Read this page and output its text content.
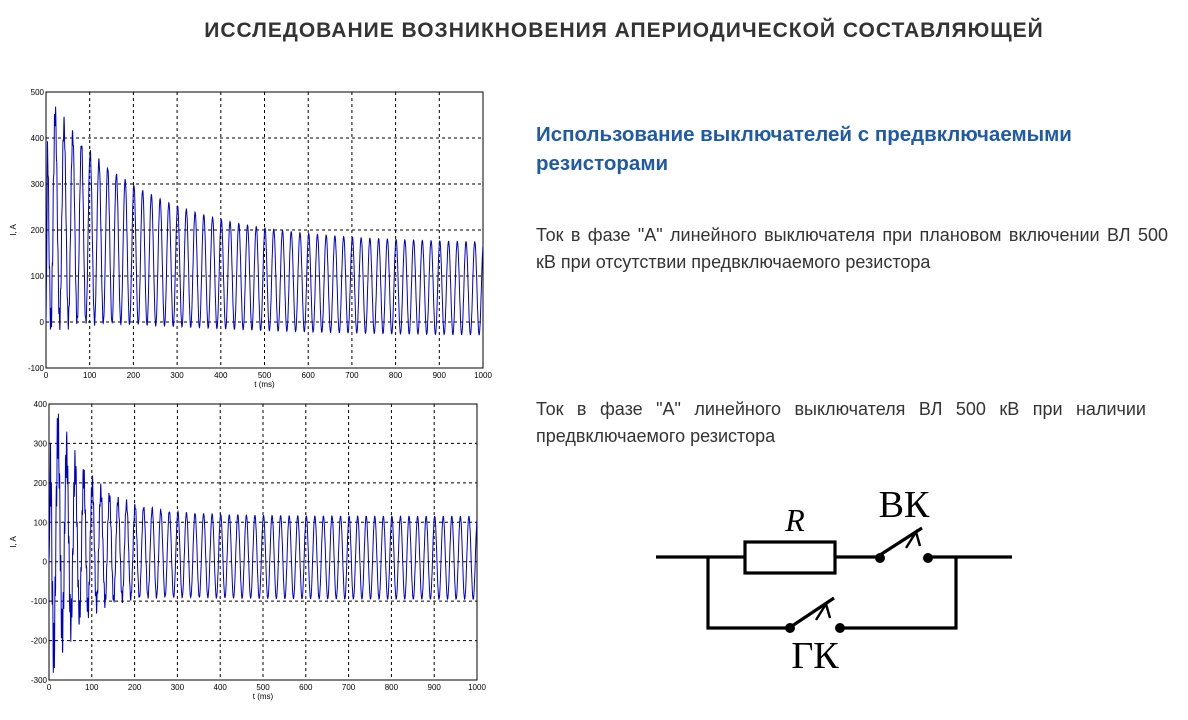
ИССЛЕДОВАНИЕ ВОЗНИКНОВЕНИЯ АПЕРИОДИЧЕСКОЙ СОСТАВЛЯЮЩЕЙ
0	100	200	300	400	500	600	700	800	900	1000
-100
0
100
200
300
400
500
t (ms)
I, A
0	100	200	300	400	500	600	700	800	900	1000
-300
-200
-100
0
100
200
300
400
t (ms)
I, A
Использование выключателей с предвключаемыми резисторами
Ток в фазе "А" линейного выключателя при плановом включении ВЛ 500 кВ при отсутствии предвключаемого резистора
Ток в фазе "А" линейного выключателя ВЛ 500 кВ при наличии предвключаемого резистора
R ВК
ГК
